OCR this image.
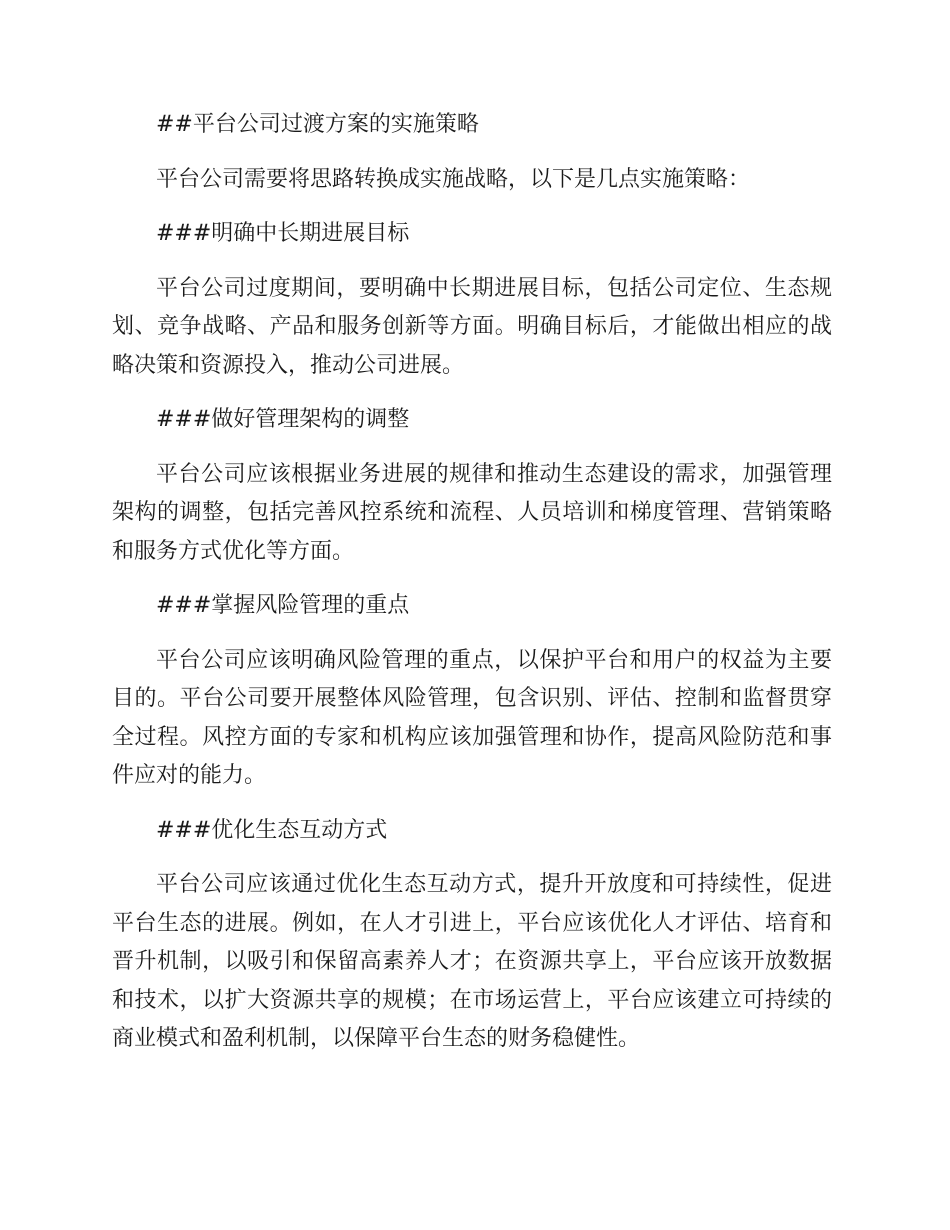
##平台公司过渡方案的实施策略

平台公司需要将思路转换成实施战略，以下是几点实施策略：

###明确中长期进展目标

平台公司过度期间，要明确中长期进展目标，包括公司定位、生态规划、竞争战略、产品和服务创新等方面。明确目标后，才能做出相应的战略决策和资源投入，推动公司进展。

###做好管理架构的调整

平台公司应该根据业务进展的规律和推动生态建设的需求，加强管理架构的调整，包括完善风控系统和流程、人员培训和梯度管理、营销策略和服务方式优化等方面。

###掌握风险管理的重点

平台公司应该明确风险管理的重点，以保护平台和用户的权益为主要目的。平台公司要开展整体风险管理，包含识别、评估、控制和监督贯穿全过程。风控方面的专家和机构应该加强管理和协作，提高风险防范和事件应对的能力。

###优化生态互动方式

平台公司应该通过优化生态互动方式，提升开放度和可持续性，促进平台生态的进展。例如，在人才引进上，平台应该优化人才评估、培育和晋升机制，以吸引和保留高素养人才；在资源共享上，平台应该开放数据和技术，以扩大资源共享的规模；在市场运营上，平台应该建立可持续的商业模式和盈利机制，以保障平台生态的财务稳健性。
